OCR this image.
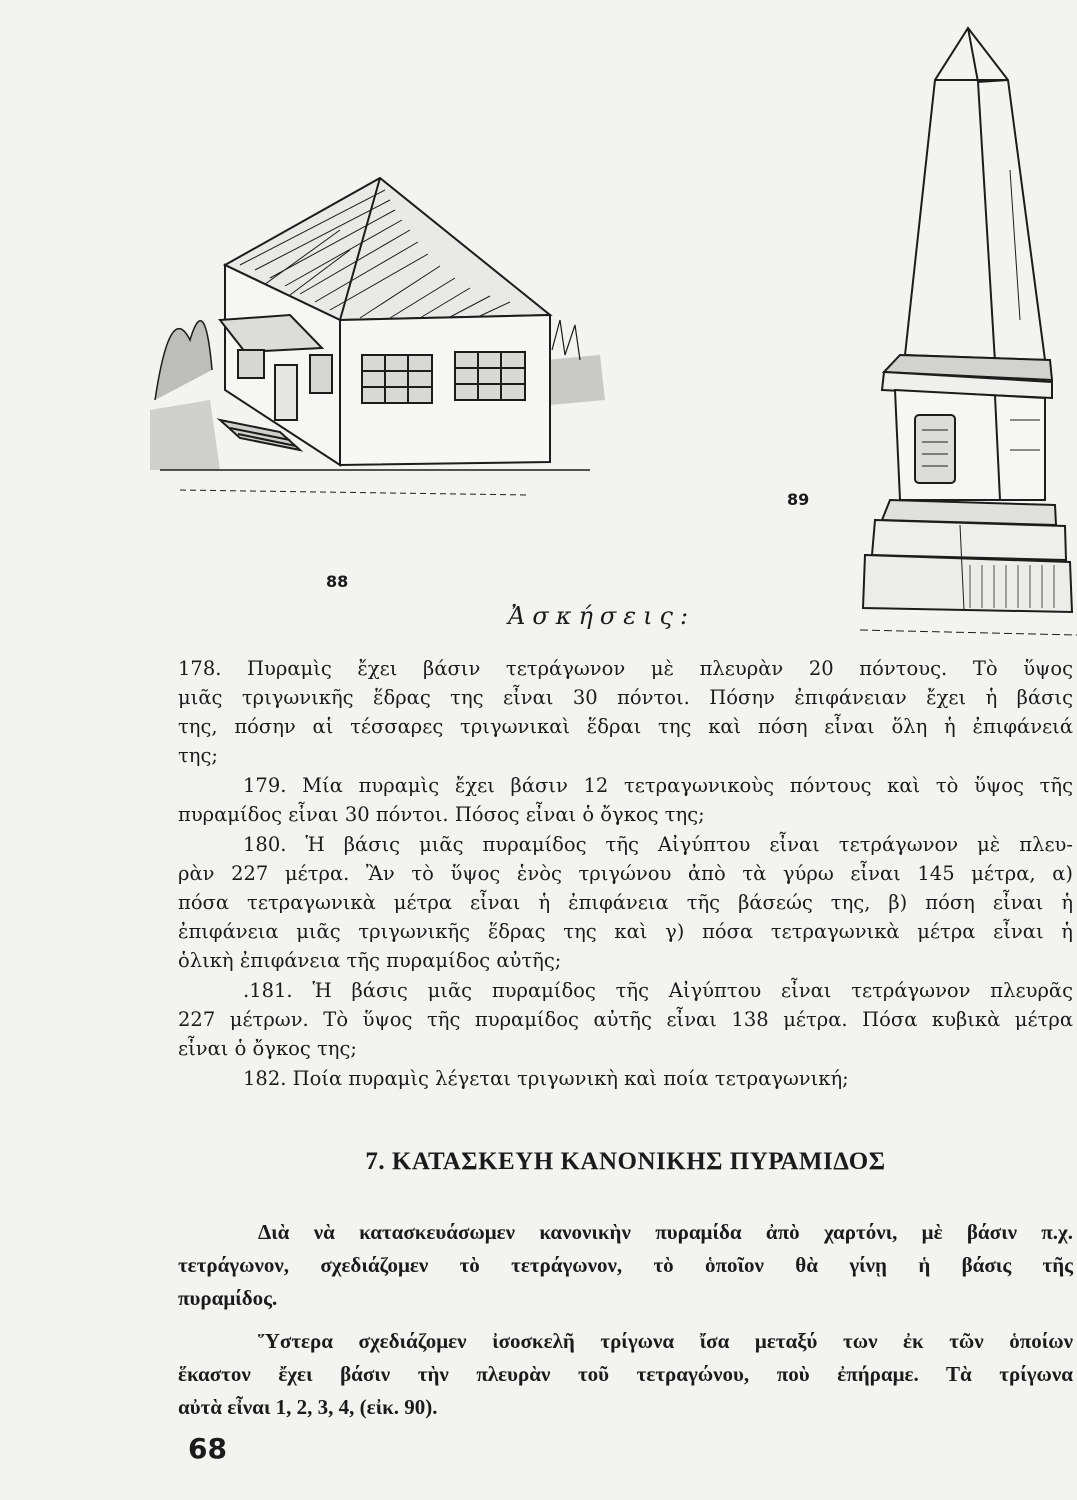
88
89
Ἀσκήσεις:

178. Πυραμὶς ἔχει βάσιν τετράγωνον μὲ πλευρὰν 20 πόντους. Τὸ ὕψος

μιᾶς τριγωνικῆς ἕδρας της εἶναι 30 πόντοι. Πόσην ἐπιφάνειαν ἔχει ἡ βάσις

της, πόσην αἱ τέσσαρες τριγωνικαὶ ἕδραι της καὶ πόση εἶναι ὅλη ἡ ἐπιφάνειά

της;

179. Μία πυραμὶς ἔχει βάσιν 12 τετραγωνικοὺς πόντους καὶ τὸ ὕψος τῆς

πυραμίδος εἶναι 30 πόντοι. Πόσος εἶναι ὁ ὄγκος της;

180. Ἡ βάσις μιᾶς πυραμίδος τῆς Αἰγύπτου εἶναι τετράγωνον μὲ πλευ-

ρὰν 227 μέτρα. Ἂν τὸ ὕψος ἑνὸς τριγώνου ἀπὸ τὰ γύρω εἶναι 145 μέτρα, α)

πόσα τετραγωνικὰ μέτρα εἶναι ἡ ἐπιφάνεια τῆς βάσεώς της, β) πόση εἶναι ἡ

ἐπιφάνεια μιᾶς τριγωνικῆς ἕδρας της καὶ γ) πόσα τετραγωνικὰ μέτρα εἶναι ἡ

ὁλικὴ ἐπιφάνεια τῆς πυραμίδος αὐτῆς;

.181. Ἡ βάσις μιᾶς πυραμίδος τῆς Αἰγύπτου εἶναι τετράγωνον πλευρᾶς

227 μέτρων. Τὸ ὕψος τῆς πυραμίδος αὐτῆς εἶναι 138 μέτρα. Πόσα κυβικὰ μέτρα

εἶναι ὁ ὄγκος της;

182. Ποία πυραμὶς λέγεται τριγωνικὴ καὶ ποία τετραγωνική;

7. ΚΑΤΑΣΚΕΥΗ ΚΑΝΟΝΙΚΗΣ ΠΥΡΑΜΙΔΟΣ

Διὰ νὰ κατασκευάσωμεν κανονικὴν πυραμίδα ἀπὸ χαρτόνι, μὲ βάσιν π.χ.

τετράγωνον, σχεδιάζομεν τὸ τετράγωνον, τὸ ὁποῖον θὰ γίνῃ ἡ βάσις τῆς

πυραμίδος.

Ὕστερα σχεδιάζομεν ἰσοσκελῆ τρίγωνα ἴσα μεταξύ των ἐκ τῶν ὁποίων

ἕκαστον ἔχει βάσιν τὴν πλευρὰν τοῦ τετραγώνου, ποὺ ἐπήραμε. Τὰ τρίγωνα

αὐτὰ εἶναι 1, 2, 3, 4, (εἰκ. 90).

68
